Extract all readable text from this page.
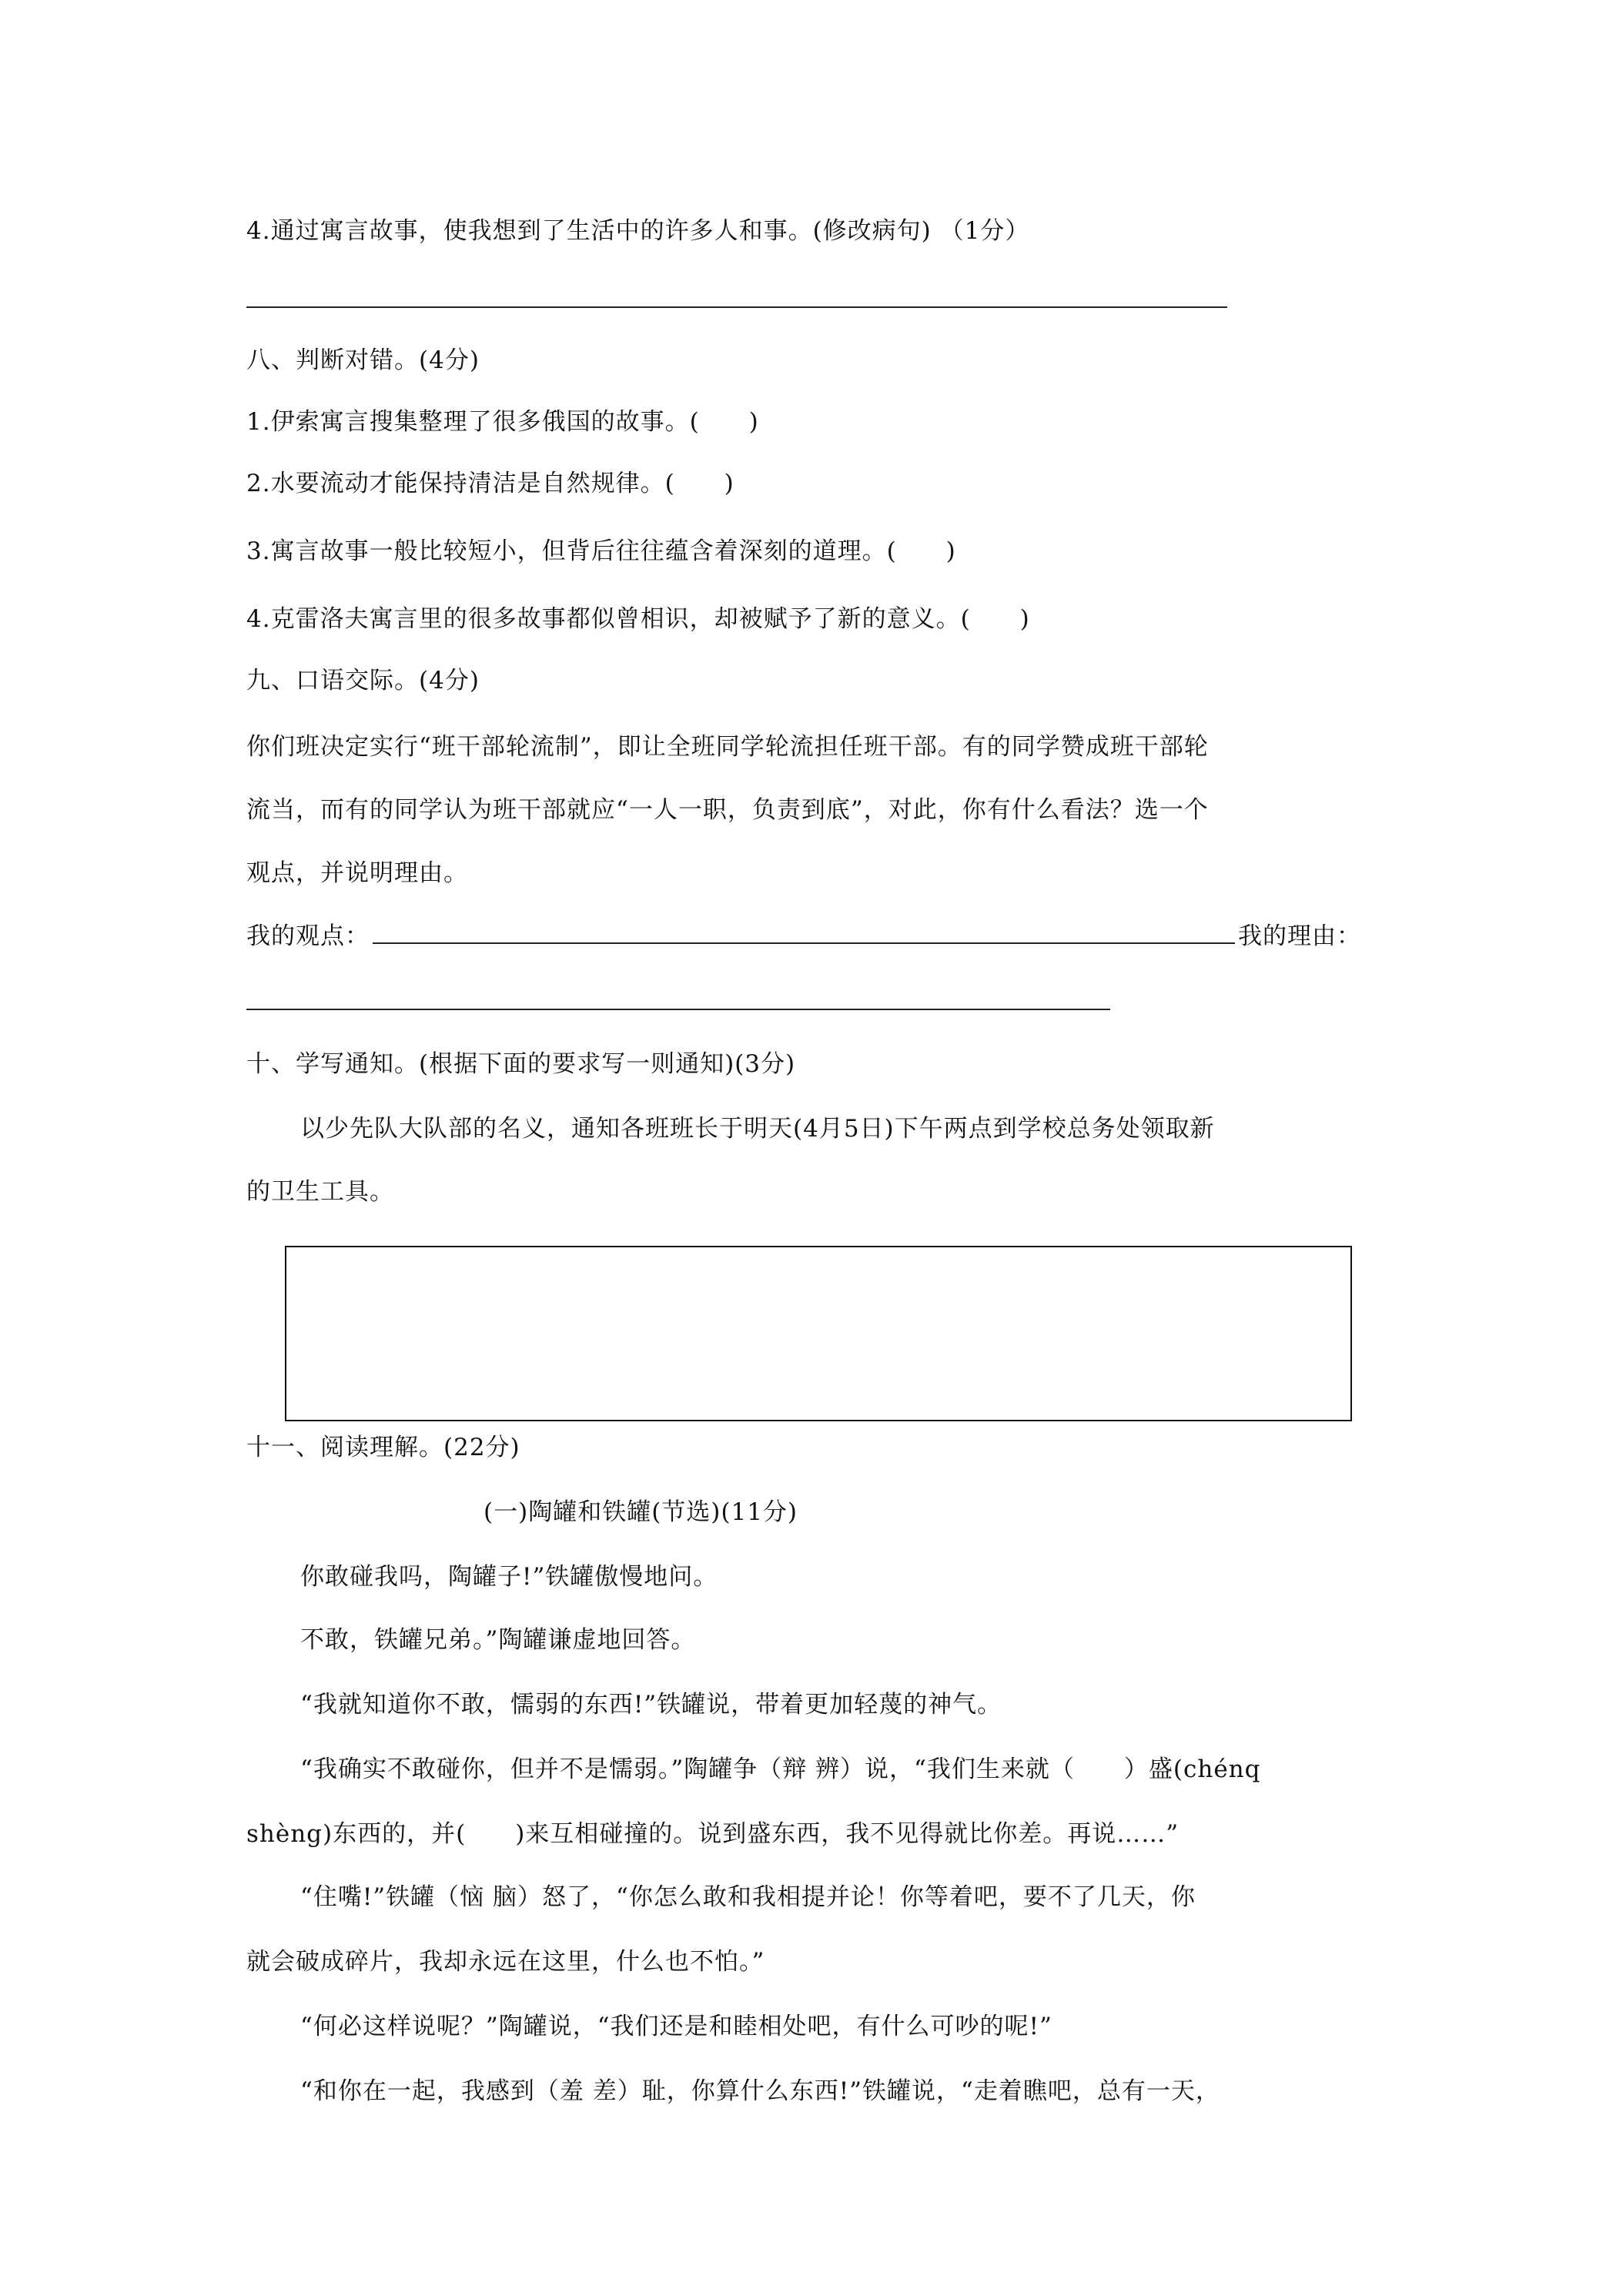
4.通过寓言故事，使我想到了生活中的许多人和事。(修改病句) （1分）
八、判断对错。(4分)
1.伊索寓言搜集整理了很多俄国的故事。(　　)
2.水要流动才能保持清洁是自然规律。(　　)
3.寓言故事一般比较短小，但背后往往蕴含着深刻的道理。(　　)
4.克雷洛夫寓言里的很多故事都似曾相识，却被赋予了新的意义。(　　)
九、口语交际。(4分)
你们班决定实行“班干部轮流制”，即让全班同学轮流担任班干部。有的同学赞成班干部轮
流当，而有的同学认为班干部就应“一人一职，负责到底”，对此，你有什么看法？选一个
观点，并说明理由。
我的观点：	我的理由：
十、学写通知。(根据下面的要求写一则通知)(3分)
以少先队大队部的名义，通知各班班长于明天(4月5日)下午两点到学校总务处领取新
的卫生工具。
十一、阅读理解。(22分)
(一)陶罐和铁罐(节选)(11分)
你敢碰我吗，陶罐子!”铁罐傲慢地问。
不敢，铁罐兄弟。”陶罐谦虚地回答。
“我就知道你不敢，懦弱的东西!”铁罐说，带着更加轻蔑的神气。
“我确实不敢碰你，但并不是懦弱。”陶罐争（辩 辨）说，“我们生来就（　　）盛(chénq
shèng)东西的，并(　　)来互相碰撞的。说到盛东西，我不见得就比你差。再说……”
“住嘴!”铁罐（恼 脑）怒了，“你怎么敢和我相提并论！你等着吧，要不了几天，你
就会破成碎片，我却永远在这里，什么也不怕。”
“何必这样说呢？”陶罐说，“我们还是和睦相处吧，有什么可吵的呢!”
“和你在一起，我感到（羞 差）耻，你算什么东西!”铁罐说，“走着瞧吧，总有一天，
